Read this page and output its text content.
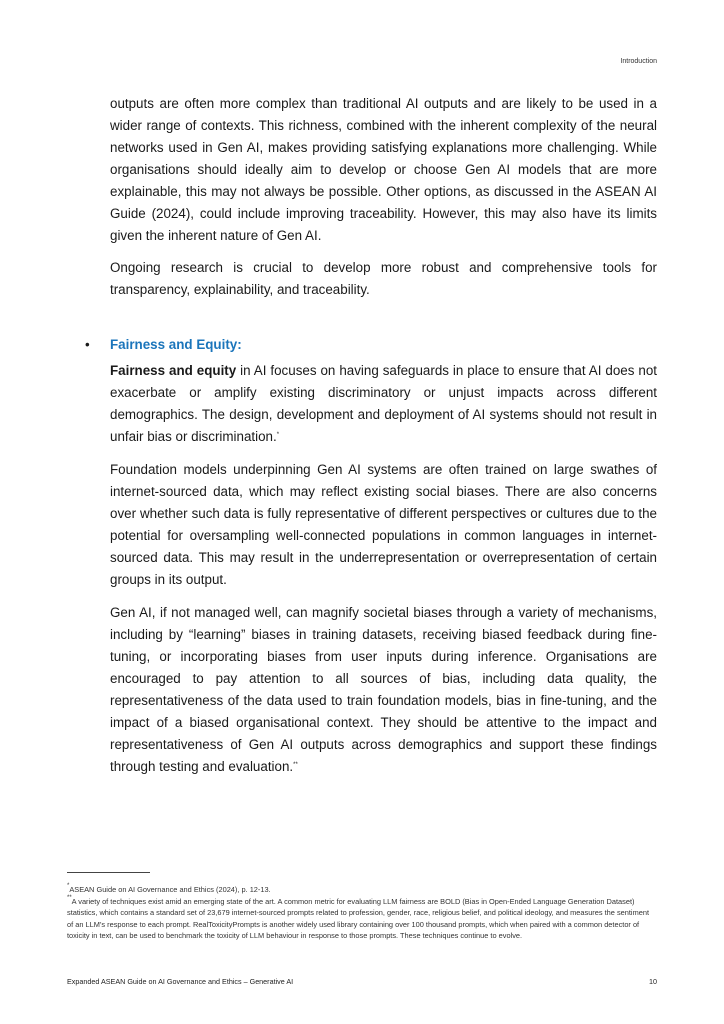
Introduction

outputs are often more complex than traditional AI outputs and are likely to be used in a wider range of contexts. This richness, combined with the inherent complexity of the neural networks used in Gen AI, makes providing satisfying explanations more challenging. While organisations should ideally aim to develop or choose Gen AI models that are more explainable, this may not always be possible. Other options, as discussed in the ASEAN AI Guide (2024), could include improving traceability. However, this may also have its limits given the inherent nature of Gen AI.

Ongoing research is crucial to develop more robust and comprehensive tools for transparency, explainability, and traceability.

•	Fairness and Equity:

Fairness and equity in AI focuses on having safeguards in place to ensure that AI does not exacerbate or amplify existing discriminatory or unjust impacts across different demographics. The design, development and deployment of AI systems should not result in unfair bias or discrimination.*

Foundation models underpinning Gen AI systems are often trained on large swathes of internet-sourced data, which may reflect existing social biases. There are also concerns over whether such data is fully representative of different perspectives or cultures due to the potential for oversampling well-connected populations in common languages in internet-sourced data. This may result in the underrepresentation or overrepresentation of certain groups in its output.

Gen AI, if not managed well, can magnify societal biases through a variety of mechanisms, including by “learning” biases in training datasets, receiving biased feedback during fine-tuning, or incorporating biases from user inputs during inference. Organisations are encouraged to pay attention to all sources of bias, including data quality, the representativeness of the data used to train foundation models, bias in fine-tuning, and the impact of a biased organisational context. They should be attentive to the impact and representativeness of Gen AI outputs across demographics and support these findings through testing and evaluation.**

*ASEAN Guide on AI Governance and Ethics (2024), p. 12-13.

**A variety of techniques exist amid an emerging state of the art. A common metric for evaluating LLM fairness are BOLD (Bias in Open-Ended Language Generation Dataset) statistics, which contains a standard set of 23,679 internet-sourced prompts related to profession, gender, race, religious belief, and political ideology, and measures the sentiment of an LLM’s response to each prompt. RealToxicityPrompts is another widely used library containing over 100 thousand prompts, which when paired with a common detector of toxicity in text, can be used to benchmark the toxicity of LLM behaviour in response to those prompts. These techniques continue to evolve.

Expanded ASEAN Guide on AI Governance and Ethics – Generative AI	10
